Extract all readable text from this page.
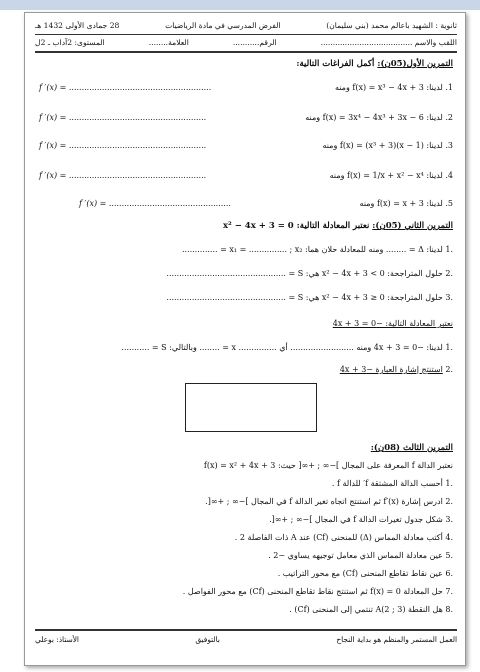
ثانوية : الشهيد باعالم محمد (بني سليمان)
الفرض المدرسي في مادة الرياضيات
28 جمادى الأولى 1432 هـ
اللقب والاسم ......................................
الرقم...........
العلامة........
المستوى: 2آداب ـ 2ل
التمرين الأول(05ن): أكمل الفراغات التالية:
f ′(x) = ........................................................	1. لدينا: f(x) = x³ − 4x + 3 ومنه
f ′(x) = ......................................................	2. لدينا: f(x) = 3x⁴ − 4x³ + 3x − 6 ومنه
f ′(x) = ......................................................	3. لدينا: f(x) = (x³ + 3)(x − 1) ومنه
f ′(x) = ......................................................	4. لدينا: f(x) = 1/x + x² − x⁴ ومنه
f ′(x) = ................................................	5. لدينا: f(x) = x + 3 ومنه
التمرين الثاني (05ن): نعتبر المعادلة التالية: x² − 4x + 3 = 0
.1 لدينا: Δ = ........ ومنه للمعادلة حلان هما: x₁ = ............... ; x₂ = ..............
.2 حلول المتراجحة: x² − 4x + 3 < 0 هي: S = ...............................................
.3 حلول المتراجحة: x² − 4x + 3 ≥ 0 هي: S = ...............................................
نعتبر المعادلة التالية: −4x + 3 = 0
.1 لدينا: −4x + 3 = 0 ومنه ......................... أي ............... x = ........ وبالتالي: S = ...........
.2 استنتج إشارة العبارة −4x + 3
التمرين الثالث (08ن):
نعتبر الدالة f المعرفة على المجال ]−∞ ; +∞[ حيث: f(x) = x² + 4x + 3
.1 أحسب الدالة المشتقة f′ للدالة f .
.2 ادرس إشارة f′(x) ثم استنتج اتجاه تغير الدالة f في المجال ]−∞ ; +∞[.
.3 شكل جدول تغيرات الدالة f في المجال ]−∞ ; +∞[.
.4 أكتب معادلة المماس (Δ) للمنحنى (Cf) عند A ذات الفاصلة 2 .
.5 عين معادلة المماس الذي معامل توجيهه يساوي −2 .
.6 عين نقاط تقاطع المنحنى (Cf) مع محور التراتيب .
.7 حل المعادلة f(x) = 0 ثم استنتج نقاط تقاطع المنحنى (Cf) مع محور الفواصل .
.8 هل النقطة A(2 ; 3) تنتمي إلى المنحنى (Cf) .
العمل المستمر والمنظم هو بداية النجاح
بالتوفيق
الأستاذ: بوعلي
